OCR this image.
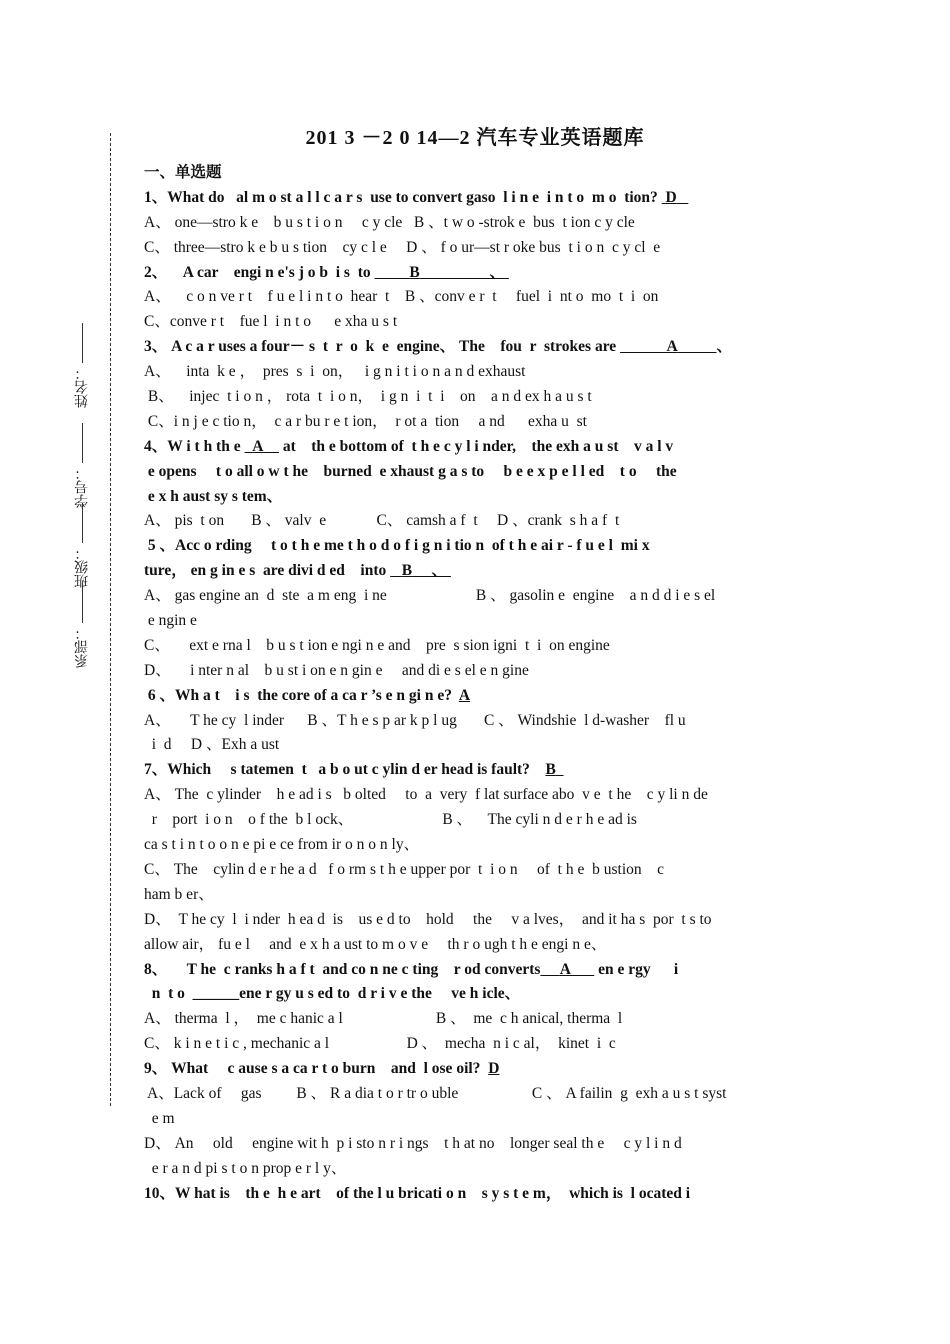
姓名：
学号：
班级：
系部：
201 3 －2 0 14—2 汽车专业英语题库

一、单选题

1、What do   al m o st a l l c a r s  use to convert gaso  l i n e  i n t o  m o  tion?  D

A、 one—stro k e    b u s t i o n     c y cle   B 、t w o -strok e  bus  t ion c y cle

C、 three—stro k e b u s tion    cy c l e     D 、 f o ur—st r oke bus  t i o n  c y cl  e

2、    A car    engi n e's j o b  i s  to          B                  、

A、    c o n ve r t    f u e l i n t o  hear  t    B 、conv e r  t     fuel  i  nt o  mo  t  i  on

C、conve r t    fue l  i n t o      e xha u s t

3、 A c a r uses a four－ s  t  r  o  k  e  engine、 The    fou  r  strokes are	A	、

A、    inta  k e ，  pres  s  i  on，   i g n i t i o n a n d exhaust

B、    injec  t i o n ， rota  t  i o n，  i g n  i  t  i    on    a n d ex h a u s t

C、i n j e c tio n，  c a r bu r e t ion，  r ot a  tion     a nd      exha u  st

4、W i t h th e   A     at    th e bottom of  t h e c y l i nder,    the exh a u st    v a l v

e opens     t o all o w t he    burned  e xhaust g a s to     b e e x p e l l ed    t o     the

e x h aust sy s tem、

A、 pis  t on       B 、 valv  e             C、 camsh a f  t     D 、crank  s h a f  t

5 、Acc o rding     t o t h e me t h o d o f i g n i tio n  of t h e ai r - f u e l  mi x

ture， en g in e s  are divi d ed    into    B     、

A、 gas engine an  d  ste  a m eng  i ne                       B 、 gasolin e  engine    a n d d i e s el

e ngin e

C、     ext e rna l    b u s t ion e ngi n e and    pre  s sion igni  t  i  on engine

D、     i nter n al    b u st i on e n gin e     and di e s el e n gine

6 、Wh a t    i s  the core of a ca r ’s e n gi n e?  A

A、     T he cy  l inder      B 、T h e s p ar k p l ug       C 、 Windshie  l d-washer    fl u

i  d     D 、Exh a ust

7、Which     s tatemen  t   a b o ut c ylin d er head is fault?    B

A、 The  c ylinder    h e ad i s   b olted     to  a  very  f lat surface abo  v e  t he    c y li n de

r    port  i o n    o f the  b l ock、                       B 、    The cyli n d e r h e ad is

ca s t i n t o o n e pi e ce from ir o n o n ly、

C、 The    cylin d e r he a d   f o rm s t h e upper por  t  i o n     of  t h e  b ustion    c

ham b er、

D、  T he cy  l  i nder  h ea d  is    us e d to    hold     the     v a lves，  and it ha s  por  t s to

allow air， fu e l     and  e x h a ust to m o v e     th r o ugh t h e engi n e、

8、     T he  c ranks h a f t  and co n ne c ting    r od converts A       en e rgy      i

n  t o  ______ene r gy u s ed to  d r i v e the     ve h icle、

A、 therma  l ，  me c hanic a l                        B 、  me  c h anical, therma  l

C、 k i n e t i c , mechanic a l                    D 、  mecha  n i c al，  kinet  i  c

9、 What     c ause s a ca r t o burn    and  l ose oil?  D

A、Lack of     gas         B 、 R a dia t o r tr o uble                   C 、 A failin  g  exh a u s t syst

e m

D、 An     old     engine wit h  p i sto n r i ngs    t h at no    longer seal th e     c y l i n d

e r a n d pi s t o n prop e r l y、

10、W hat is    th e  h e art    of the l u bricati o n    s y s t e m，  which is  l ocated i
